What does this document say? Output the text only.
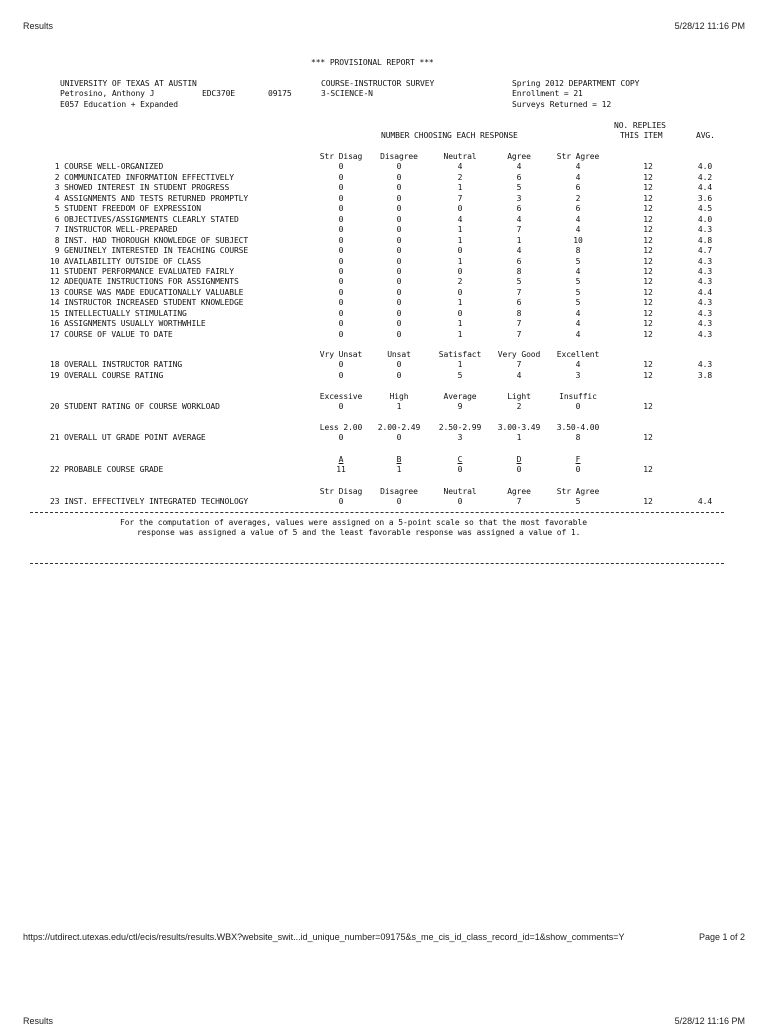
Results	5/28/12 11:16 PM
*** PROVISIONAL REPORT ***
UNIVERSITY OF TEXAS AT AUSTIN	COURSE-INSTRUCTOR SURVEY	Spring 2012 DEPARTMENT COPY
Petrosino, Anthony J	EDC370E	09175	3-SCIENCE-N	Enrollment = 21
E057 Education + Expanded	Surveys Returned = 12
NO. REPLIES
THIS ITEM	AVG.
NUMBER CHOOSING EACH RESPONSE
Str Disag	Disagree	Neutral	Agree	Str Agree
1 COURSE WELL-ORGANIZED	0	0	4	4	4	12	4.0
2 COMMUNICATED INFORMATION EFFECTIVELY	0	0	2	6	4	12	4.2
3 SHOWED INTEREST IN STUDENT PROGRESS	0	0	1	5	6	12	4.4
4 ASSIGNMENTS AND TESTS RETURNED PROMPTLY	0	0	7	3	2	12	3.6
5 STUDENT FREEDOM OF EXPRESSION	0	0	0	6	6	12	4.5
6 OBJECTIVES/ASSIGNMENTS CLEARLY STATED	0	0	4	4	4	12	4.0
7 INSTRUCTOR WELL-PREPARED	0	0	1	7	4	12	4.3
8 INST. HAD THOROUGH KNOWLEDGE OF SUBJECT	0	0	1	1	10	12	4.8
9 GENUINELY INTERESTED IN TEACHING COURSE	0	0	0	4	8	12	4.7
10 AVAILABILITY OUTSIDE OF CLASS	0	0	1	6	5	12	4.3
11 STUDENT PERFORMANCE EVALUATED FAIRLY	0	0	0	8	4	12	4.3
12 ADEQUATE INSTRUCTIONS FOR ASSIGNMENTS	0	0	2	5	5	12	4.3
13 COURSE WAS MADE EDUCATIONALLY VALUABLE	0	0	0	7	5	12	4.4
14 INSTRUCTOR INCREASED STUDENT KNOWLEDGE	0	0	1	6	5	12	4.3
15 INTELLECTUALLY STIMULATING	0	0	0	8	4	12	4.3
16 ASSIGNMENTS USUALLY WORTHWHILE	0	0	1	7	4	12	4.3
17 COURSE OF VALUE TO DATE	0	0	1	7	4	12	4.3
Vry Unsat	Unsat	Satisfact	Very Good	Excellent
18 OVERALL INSTRUCTOR RATING	0	0	1	7	4	12	4.3
19 OVERALL COURSE RATING	0	0	5	4	3	12	3.8
Excessive	High	Average	Light	Insuffic
20 STUDENT RATING OF COURSE WORKLOAD	0	1	9	2	0	12
Less 2.00	2.00-2.49	2.50-2.99	3.00-3.49	3.50-4.00
21 OVERALL UT GRADE POINT AVERAGE	0	0	3	1	8	12
A	B	C	D	F
22 PROBABLE COURSE GRADE	11	1	0	0	0	12
Str Disag	Disagree	Neutral	Agree	Str Agree
23 INST. EFFECTIVELY INTEGRATED TECHNOLOGY	0	0	0	7	5	12	4.4
For the computation of averages, values were assigned on a 5-point scale so that the most favorable
response was assigned a value of 5 and the least favorable response was assigned a value of 1.
https://utdirect.utexas.edu/ctl/ecis/results/results.WBX?website_swit...id_unique_number=09175&s_me_cis_id_class_record_id=1&show_comments=Y	Page 1 of 2
Results	5/28/12 11:16 PM
